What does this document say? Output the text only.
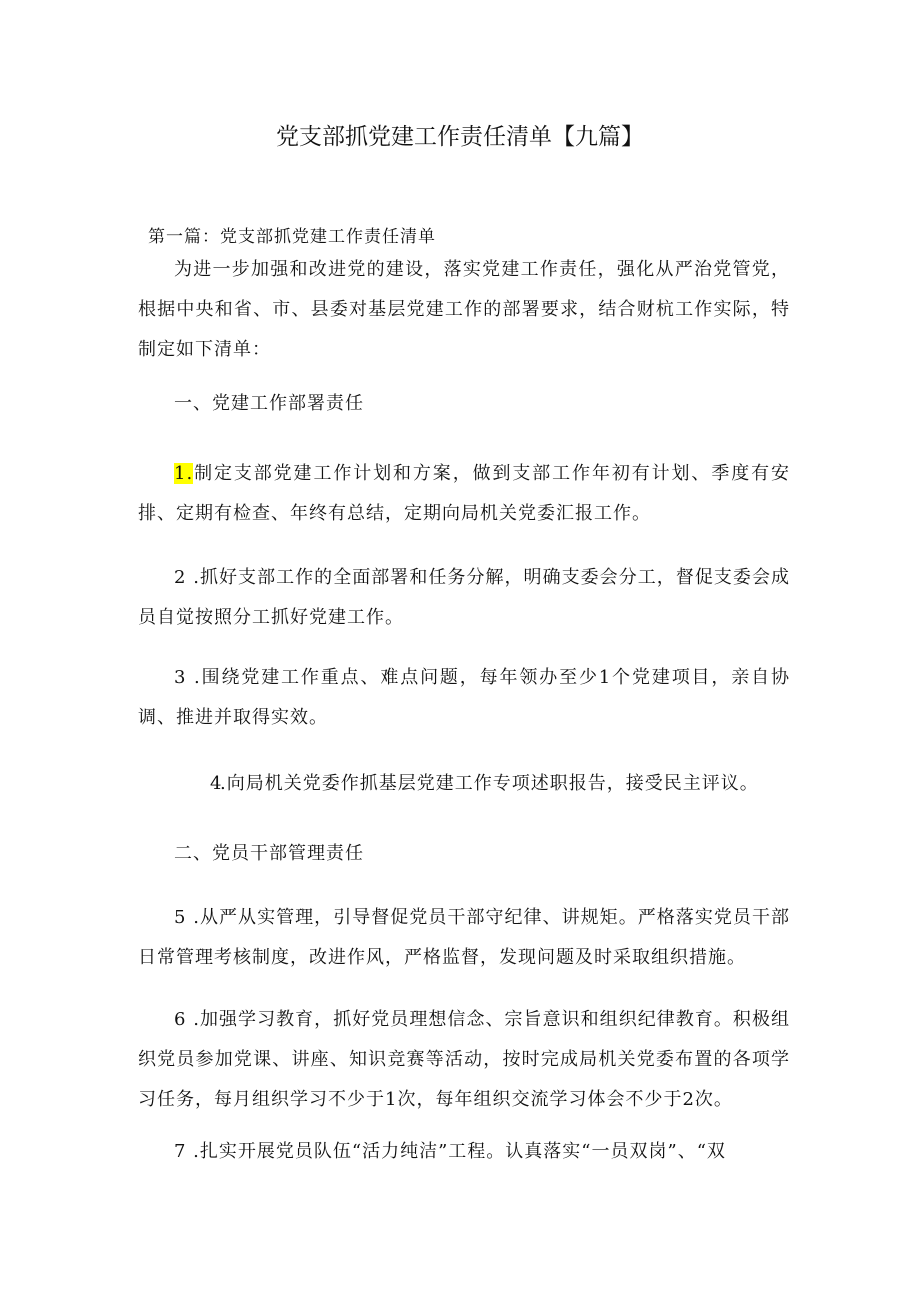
党支部抓党建工作责任清单【九篇】

第一篇：党支部抓党建工作责任清单

为进一步加强和改进党的建设，落实党建工作责任，强化从严治党管党，根据中央和省、市、县委对基层党建工作的部署要求，结合财杭工作实际，特制定如下清单：

一、党建工作部署责任

1.制定支部党建工作计划和方案，做到支部工作年初有计划、季度有安排、定期有检查、年终有总结，定期向局机关党委汇报工作。

2 .抓好支部工作的全面部署和任务分解，明确支委会分工，督促支委会成员自觉按照分工抓好党建工作。

3 .围绕党建工作重点、难点问题，每年领办至少1个党建项目，亲自协调、推进并取得实效。

4.向局机关党委作抓基层党建工作专项述职报告，接受民主评议。

二、党员干部管理责任

5 .从严从实管理，引导督促党员干部守纪律、讲规矩。严格落实党员干部日常管理考核制度，改进作风，严格监督，发现问题及时采取组织措施。

6 .加强学习教育，抓好党员理想信念、宗旨意识和组织纪律教育。积极组织党员参加党课、讲座、知识竞赛等活动，按时完成局机关党委布置的各项学习任务，每月组织学习不少于1次，每年组织交流学习体会不少于2次。

7 .扎实开展党员队伍“活力纯洁”工程。认真落实“一员双岗”、“双
